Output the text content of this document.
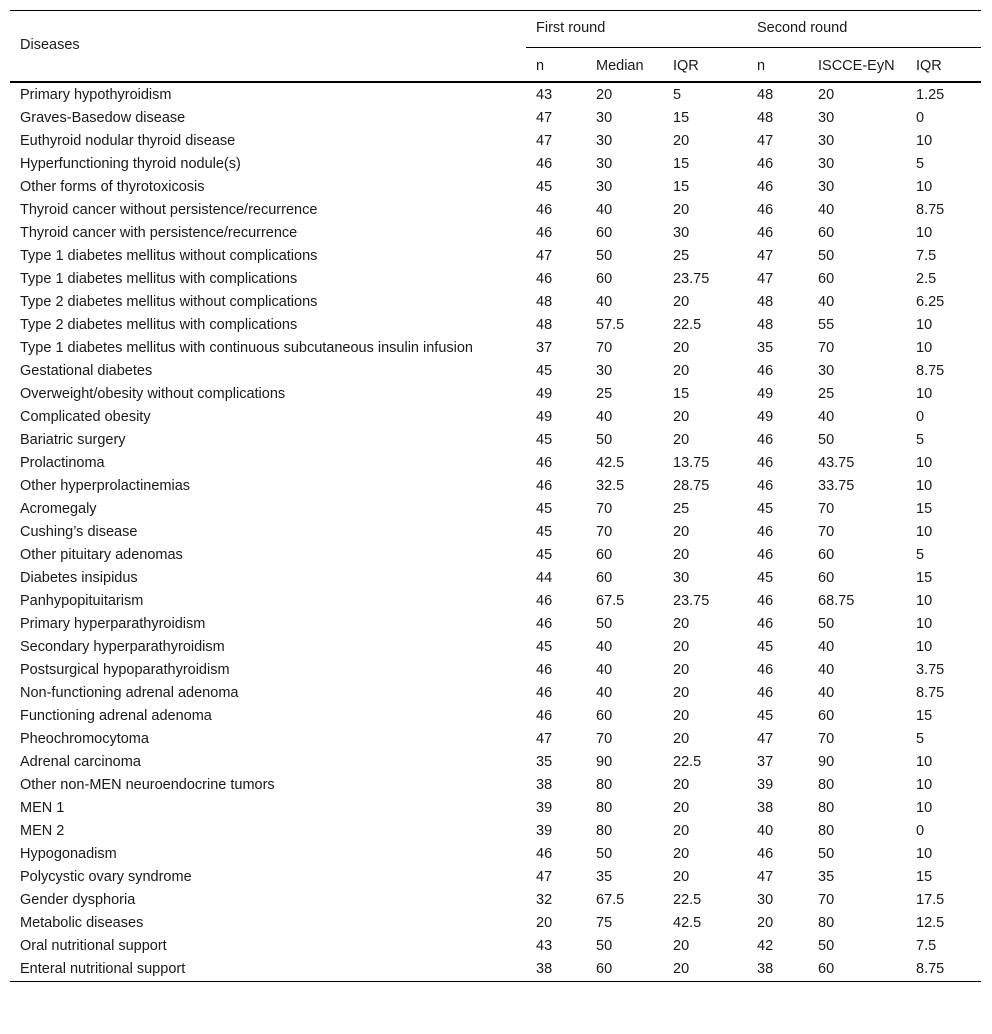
Diseases	First round			Second round		
	n	Median	IQR	n	ISCCE-EyN	IQR
Primary hypothyroidism	43	20	5	48	20	1.25
Graves-Basedow disease	47	30	15	48	30	0
Euthyroid nodular thyroid disease	47	30	20	47	30	10
Hyperfunctioning thyroid nodule(s)	46	30	15	46	30	5
Other forms of thyrotoxicosis	45	30	15	46	30	10
Thyroid cancer without persistence/recurrence	46	40	20	46	40	8.75
Thyroid cancer with persistence/recurrence	46	60	30	46	60	10
Type 1 diabetes mellitus without complications	47	50	25	47	50	7.5
Type 1 diabetes mellitus with complications	46	60	23.75	47	60	2.5
Type 2 diabetes mellitus without complications	48	40	20	48	40	6.25
Type 2 diabetes mellitus with complications	48	57.5	22.5	48	55	10
Type 1 diabetes mellitus with continuous subcutaneous insulin infusion	37	70	20	35	70	10
Gestational diabetes	45	30	20	46	30	8.75
Overweight/obesity without complications	49	25	15	49	25	10
Complicated obesity	49	40	20	49	40	0
Bariatric surgery	45	50	20	46	50	5
Prolactinoma	46	42.5	13.75	46	43.75	10
Other hyperprolactinemias	46	32.5	28.75	46	33.75	10
Acromegaly	45	70	25	45	70	15
Cushing’s disease	45	70	20	46	70	10
Other pituitary adenomas	45	60	20	46	60	5
Diabetes insipidus	44	60	30	45	60	15
Panhypopituitarism	46	67.5	23.75	46	68.75	10
Primary hyperparathyroidism	46	50	20	46	50	10
Secondary hyperparathyroidism	45	40	20	45	40	10
Postsurgical hypoparathyroidism	46	40	20	46	40	3.75
Non-functioning adrenal adenoma	46	40	20	46	40	8.75
Functioning adrenal adenoma	46	60	20	45	60	15
Pheochromocytoma	47	70	20	47	70	5
Adrenal carcinoma	35	90	22.5	37	90	10
Other non-MEN neuroendocrine tumors	38	80	20	39	80	10
MEN 1	39	80	20	38	80	10
MEN 2	39	80	20	40	80	0
Hypogonadism	46	50	20	46	50	10
Polycystic ovary syndrome	47	35	20	47	35	15
Gender dysphoria	32	67.5	22.5	30	70	17.5
Metabolic diseases	20	75	42.5	20	80	12.5
Oral nutritional support	43	50	20	42	50	7.5
Enteral nutritional support	38	60	20	38	60	8.75
